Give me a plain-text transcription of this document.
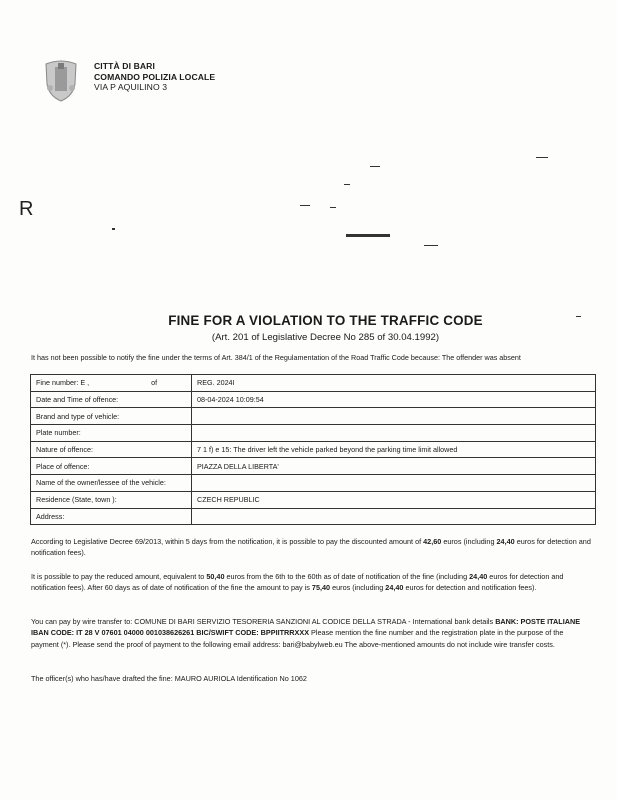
CITTÀ DI BARI
COMANDO POLIZIA LOCALE
VIA P AQUILINO 3
R
FINE FOR A VIOLATION TO THE TRAFFIC CODE
(Art. 201 of Legislative Decree No 285 of 30.04.1992)
It has not been possible to notify the fine under the terms of Art. 384/1 of the Regulamentation of the Road Traffic Code because: The offender was absent
Fine number: E , of	REG. 2024I
Date and Time of offence:	08-04-2024 10:09:54
Brand and type of vehicle:	
Plate number:	
Nature of offence:	7 1 f) e 15: The driver left the vehicle parked beyond the parking time limit allowed
Place of offence:	PIAZZA DELLA LIBERTA'
Name of the owner/lessee of the vehicle:	
Residence (State, town ):	CZECH REPUBLIC
Address:	
According to Legislative Decree 69/2013, within 5 days from the notification, it is possible to pay the discounted amount of 42,60 euros (including 24,40 euros for detection and notification fees).
It is possible to pay the reduced amount, equivalent to 50,40 euros from the 6th to the 60th as of date of notification of the fine (including 24,40 euros for detection and notification fees). After 60 days as of date of notification of the fine the amount to pay is 75,40 euros (including 24,40 euros for detection and notification fees).
You can pay by wire transfer to: COMUNE DI BARI SERVIZIO TESORERIA SANZIONI AL CODICE DELLA STRADA - International bank details BANK: POSTE ITALIANE IBAN CODE: IT 28 V 07601 04000 001038626261 BIC/SWIFT CODE: BPPIITRRXXX Please mention the fine number and the registration plate in the purpose of the payment (*). Please send the proof of payment to the following email address: bari@babylweb.eu The above-mentioned amounts do not include wire transfer costs.
The officer(s) who has/have drafted the fine: MAURO AURIOLA Identification No 1062
